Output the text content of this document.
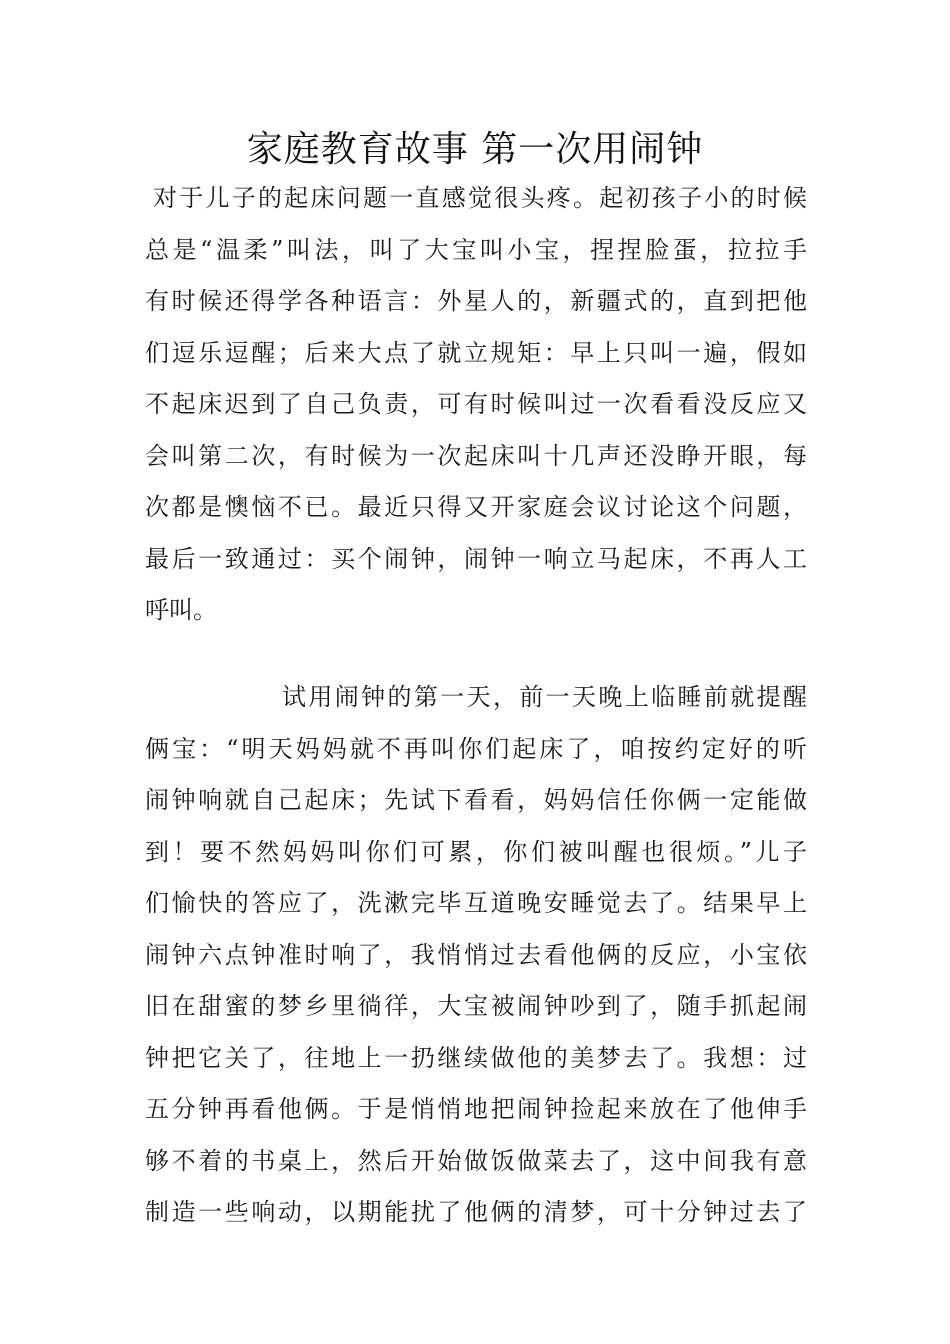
家庭教育故事 第一次用闹钟
对于儿子的起床问题一直感觉很头疼。起初孩子小的时候
总是“温柔”叫法，叫了大宝叫小宝，捏捏脸蛋，拉拉手
有时候还得学各种语言：外星人的，新疆式的，直到把他
们逗乐逗醒；后来大点了就立规矩：早上只叫一遍，假如
不起床迟到了自己负责，可有时候叫过一次看看没反应又
会叫第二次，有时候为一次起床叫十几声还没睁开眼，每
次都是懊恼不已。最近只得又开家庭会议讨论这个问题，
最后一致通过：买个闹钟，闹钟一响立马起床，不再人工
呼叫。
试用闹钟的第一天，前一天晚上临睡前就提醒
俩宝：“明天妈妈就不再叫你们起床了，咱按约定好的听
闹钟响就自己起床；先试下看看，妈妈信任你俩一定能做
到！要不然妈妈叫你们可累，你们被叫醒也很烦。”儿子
们愉快的答应了，洗漱完毕互道晚安睡觉去了。结果早上
闹钟六点钟准时响了，我悄悄过去看他俩的反应，小宝依
旧在甜蜜的梦乡里徜徉，大宝被闹钟吵到了，随手抓起闹
钟把它关了，往地上一扔继续做他的美梦去了。我想：过
五分钟再看他俩。于是悄悄地把闹钟捡起来放在了他伸手
够不着的书桌上，然后开始做饭做菜去了，这中间我有意
制造一些响动，以期能扰了他俩的清梦，可十分钟过去了
